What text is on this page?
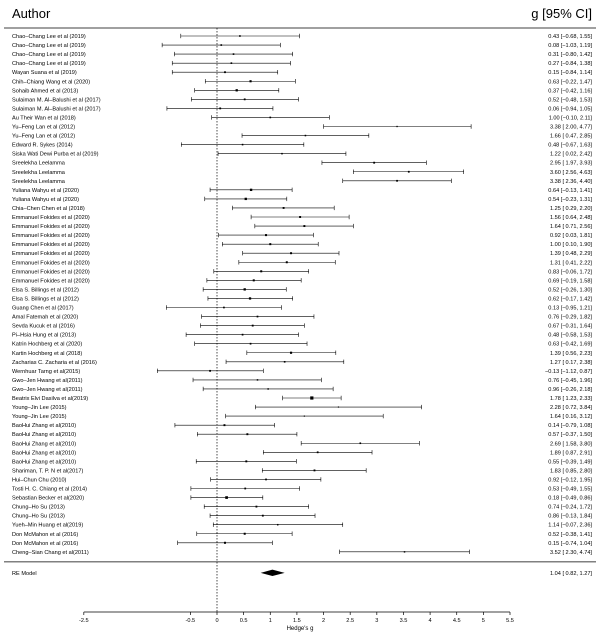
Author	g [95% CI]
Chao–Chang Lee et al (2019)	0.43 [−0.68, 1.55]
Chao–Chang Lee et al (2019)	0.08 [−1.03, 1.19]
Chao–Chang Lee et al (2019)	0.31 [−0.80, 1.42]
Chao–Chang Lee et al (2019)	0.27 [−0.84, 1.38]
Wayan Suana et al (2019)	0.15 [−0.84, 1.14]
Chih–Chiang Wang et al (2020)	0.63 [−0.22, 1.47]
Sohaib Ahmed et al (2013)	0.37 [−0.42, 1.16]
Sulaiman M. Al–Balushi et al (2017)	0.52 [−0.48, 1.53]
Sulaiman M. Al–Balushi et al (2017)	0.06 [−0.94, 1.05]
Au Their Wan et al (2018)	1.00 [−0.10, 2.11]
Yu–Feng Lan et al (2012)	3.38 [ 2.00, 4.77]
Yu–Feng Lan et al (2012)	1.66 [ 0.47, 2.85]
Edward R. Sykes (2014)	0.48 [−0.67, 1.63]
Siska Wati Dewi Purba et al (2019)	1.22 [ 0.02, 2.42]
Sreelekha Leelamma	2.95 [ 1.97, 3.93]
Sreelekha Leelamma	3.60 [ 2.56, 4.63]
Sreelekha Leelamma	3.38 [ 2.36, 4.40]
Yuliana Wahyu et al (2020)	0.64 [−0.13, 1.41]
Yuliana Wahyu et al (2020)	0.54 [−0.23, 1.31]
Chia–Chen Chen et al (2018)	1.25 [ 0.29, 2.20]
Emmanuel Fokides et al (2020)	1.56 [ 0.64, 2.48]
Emmanuel Fokides et al (2020)	1.64 [ 0.71, 2.56]
Emmanuel Fokides et al (2020)	0.92 [ 0.03, 1.81]
Emmanuel Fokides et al (2020)	1.00 [ 0.10, 1.90]
Emmanuel Fokides et al (2020)	1.39 [ 0.48, 2.29]
Emmanuel Fokides et al (2020)	1.31 [ 0.41, 2.22]
Emmanuel Fokides et al (2020)	0.83 [−0.06, 1.72]
Emmanuel Fokides et al (2020)	0.69 [−0.19, 1.58]
Elsa S. Billings et al (2012)	0.52 [−0.26, 1.30]
Elsa S. Billings et al (2012)	0.62 [−0.17, 1.42]
Guang Chen et al (2017)	0.13 [−0.95, 1.21]
Amal Fatemah et al (2020)	0.76 [−0.29, 1.82]
Sevda Kucuk et al (2016)	0.67 [−0.31, 1.64]
Pi–Hsia Hung et al (2013)	0.48 [−0.58, 1.53]
Katrin Hochberg et al (2020)	0.63 [−0.42, 1.69]
Kartin Hochberg et al (2018)	1.39 [ 0.56, 2.23]
Zacharias C. Zacharia et al (2016)	1.27 [ 0.17, 2.38]
Wernhuar Tarng et al(2015)	−0.13 [−1.12, 0.87]
Gwo–Jen Hwang et al(2011)	0.76 [−0.45, 1.96]
Gwo–Jen Hwang et al(2011)	0.96 [−0.26, 2.18]
Beatrix Elvi Dasilva et al(2019)	1.78 [ 1.23, 2.33]
Young–Jin Lee (2015)	2.28 [ 0.72, 3.84]
Young–Jin Lee (2015)	1.64 [ 0.16, 3.12]
BaoHui Zhang et al(2010)	0.14 [−0.79, 1.08]
BaoHui Zhang et al(2010)	0.57 [−0.37, 1.50]
BaoHui Zhang et al(2010)	2.69 [ 1.58, 3.80]
BaoHui Zhang et al(2010)	1.89 [ 0.87, 2.91]
BaoHui Zhang et al(2010)	0.55 [−0.39, 1.49]
Shariman, T. P. N et al(2017)	1.83 [ 0.85, 2.80]
Hui–Chun Chu (2010)	0.92 [−0.12, 1.95]
Tosti H. C. Chiang et al (2014)	0.53 [−0.49, 1.55]
Sebastian Becker et al(2020)	0.18 [−0.49, 0.86]
Chung–Ho Su (2013)	0.74 [−0.24, 1.72]
Chung–Ho Su (2013)	0.86 [−0.13, 1.84]
Yueh–Min Huang et al(2019)	1.14 [−0.07, 2.36]
Don McMahon et al (2016)	0.52 [−0.38, 1.41]
Don McMahon et al (2016)	0.15 [−0.74, 1.04]
Cheng–Sian Chang et al(2011)	3.52 [ 2.30, 4.74]
RE Model	1.04 [ 0.82, 1.27]
-2.5	-0.5	0	0.5	1	1.5	2	2.5	3	3.5	4	4.5	5	5.5
Hedge's g
